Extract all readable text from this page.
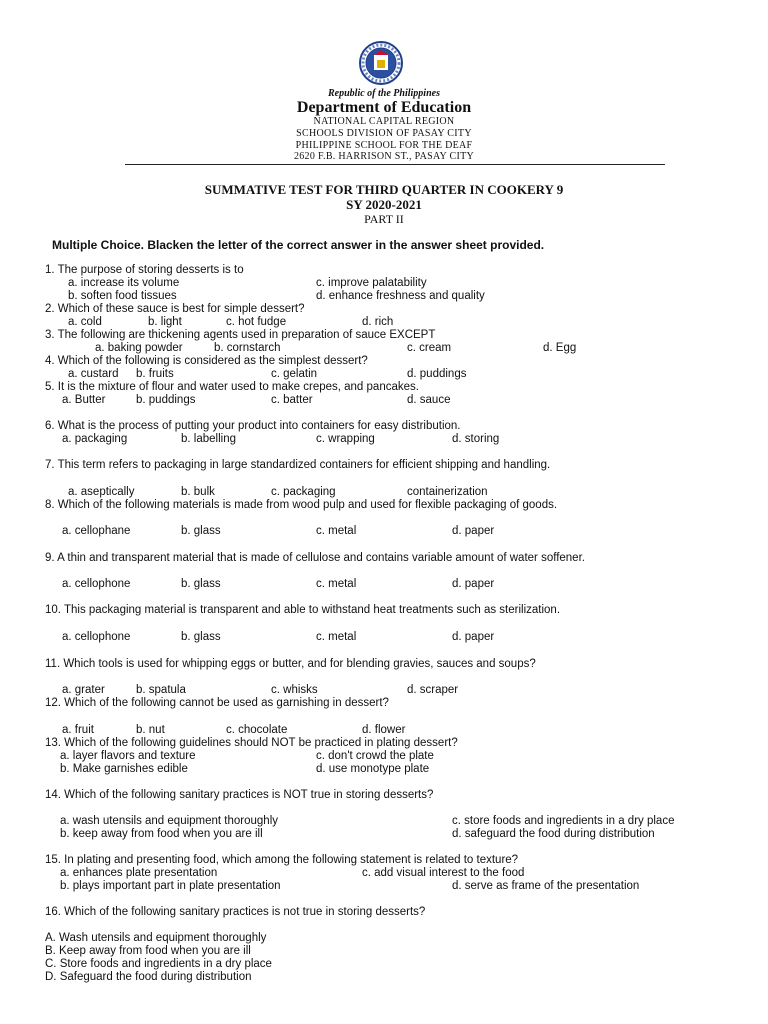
Republic of the Philippines
Department of Education
NATIONAL CAPITAL REGION
SCHOOLS DIVISION OF PASAY CITY
PHILIPPINE SCHOOL FOR THE DEAF
2620 F.B. HARRISON ST., PASAY CITY
SUMMATIVE TEST FOR THIRD QUARTER IN COOKERY 9
SY 2020-2021
PART II
Multiple Choice. Blacken the letter of the correct answer in the answer sheet provided.
1. The purpose of storing desserts is to
a. increase its volume	c. improve palatability
b. soften food tissues	d. enhance freshness and quality
2. Which of these sauce is best for simple dessert?
a. cold	b. light	c. hot fudge	d. rich
3. The following are thickening agents used in preparation of sauce EXCEPT
a. baking powder	b. cornstarch	c. cream	d. Egg
4. Which of the following is considered as the simplest dessert?
a. custard b. fruits	c. gelatin	d. puddings
5. It is the mixture of flour and water used to make crepes, and pancakes.
a. Butter	b. puddings	c. batter	d. sauce
6. What is the process of putting your product into containers for easy distribution.
a. packaging	b. labelling	c. wrapping	d. storing
7. This term refers to packaging in large standardized containers for efficient shipping and handling.
a. aseptically	b. bulk	c. packaging	containerization
8. Which of the following materials is made from wood pulp and used for flexible packaging of goods.
a. cellophane	b. glass	c. metal	d. paper
9. A thin and transparent material that is made of cellulose and contains variable amount of water soffener.
a. cellophone	b. glass	c. metal	d. paper
10. This packaging material is transparent and able to withstand heat treatments such as sterilization.
a. cellophone	b. glass	c. metal	d. paper
11. Which tools is used for whipping eggs or butter, and for blending gravies, sauces and soups?
a. grater	b. spatula	c. whisks	d. scraper
12. Which of the following cannot be used as garnishing in dessert?
a. fruit	b. nut	c. chocolate	d. flower
13. Which of the following guidelines should NOT be practiced in plating dessert?
a. layer flavors and texture	c. don't crowd the plate
b. Make garnishes edible	d. use monotype plate
14. Which of the following sanitary practices is NOT true in storing desserts?
a. wash utensils and equipment thoroughly	c. store foods and ingredients in a dry place
b. keep away from food when you are ill	d. safeguard the food during distribution
15. In plating and presenting food, which among the following statement is related to texture?
a. enhances plate presentation	c. add visual interest to the food
b. plays important part in plate presentation	d. serve as frame of the presentation
16. Which of the following sanitary practices is not true in storing desserts?
A. Wash utensils and equipment thoroughly
B. Keep away from food when you are ill
C. Store foods and ingredients in a dry place
D. Safeguard the food during distribution
